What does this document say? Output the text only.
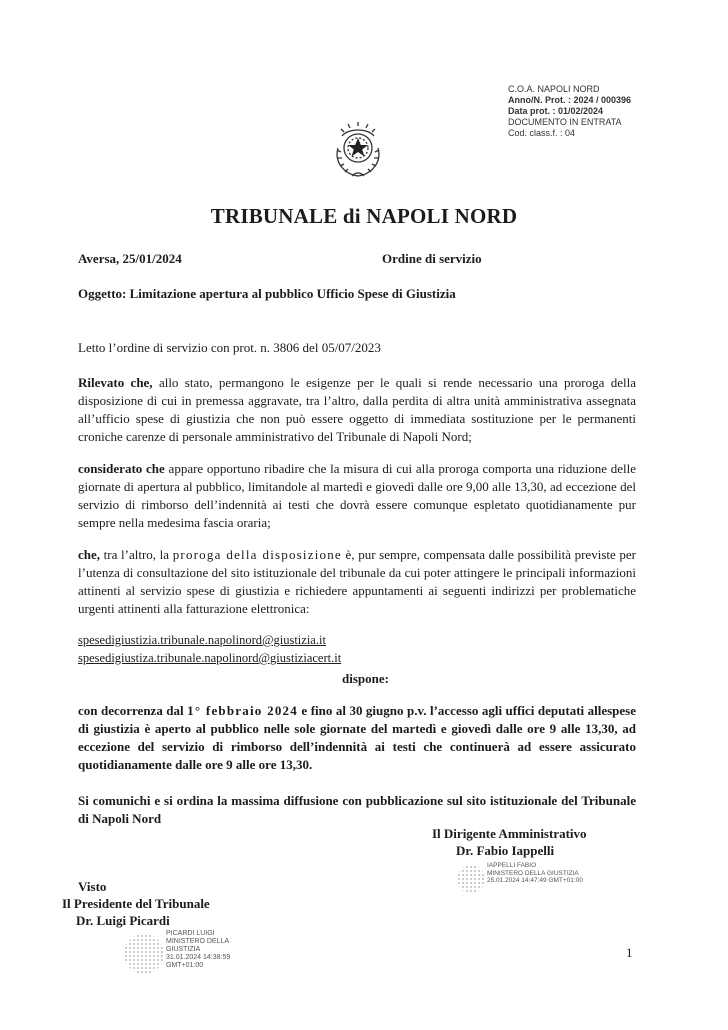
C.O.A. NAPOLI NORD
Anno/N. Prot. : 2024 / 000396
Data prot. : 01/02/2024
DOCUMENTO IN ENTRATA
Cod. class.f. : 04
TRIBUNALE di NAPOLI NORD
Aversa, 25/01/2024	Ordine di servizio
Oggetto: Limitazione apertura al pubblico Ufficio Spese di Giustizia
Letto l’ordine di servizio con prot. n. 3806 del 05/07/2023
Rilevato che, allo stato, permangono le esigenze per le quali si rende necessario una proroga della disposizione di cui in premessa aggravate, tra l’altro, dalla perdita di altra unità amministrativa assegnata all’ufficio spese di giustizia che non può essere oggetto di immediata sostituzione per le permanenti croniche carenze di personale amministrativo del Tribunale di Napoli Nord;
considerato che appare opportuno ribadire che la misura di cui alla proroga comporta una riduzione delle giornate di apertura al pubblico, limitandole al martedì e giovedì dalle ore 9,00 alle 13,30, ad eccezione del servizio di rimborso dell’indennità ai testi che dovrà essere comunque espletato quotidianamente pur sempre nella medesima fascia oraria;
che, tra l’altro, la proroga della disposizione è, pur sempre, compensata dalle possibilità previste per l’utenza di consultazione del sito istituzionale del tribunale da cui poter attingere le principali informazioni attinenti al servizio spese di giustizia e richiedere appuntamenti ai seguenti indirizzi per problematiche urgenti attinenti alla fatturazione elettronica:
spesedigiustizia.tribunale.napolinord@giustizia.it
spesedigiustiza.tribunale.napolinord@giustiziacert.it
dispone:
con decorrenza dal 1° febbraio 2024 e fino al 30 giugno p.v. l’accesso agli uffici deputati allespese di giustizia è aperto al pubblico nelle sole giornate del martedì e giovedì dalle ore 9 alle 13,30, ad eccezione del servizio di rimborso dell’indennità ai testi che continuerà ad essere assicurato quotidianamente dalle ore 9 alle ore 13,30.
Si comunichi e si ordina la massima diffusione con pubblicazione sul sito istituzionale del Tribunale di Napoli Nord
Il Dirigente Amministrativo
Dr. Fabio Iappelli
IAPPELLI FABIO
MINISTERO DELLA GIUSTIZIA
25.01.2024 14:47:49 GMT+01:00
Visto
Il Presidente del Tribunale
Dr. Luigi Picardi
PICARDI LUIGI
MINISTERO DELLA
GIUSTIZIA
31.01.2024 14:38:59
GMT+01:00
1
